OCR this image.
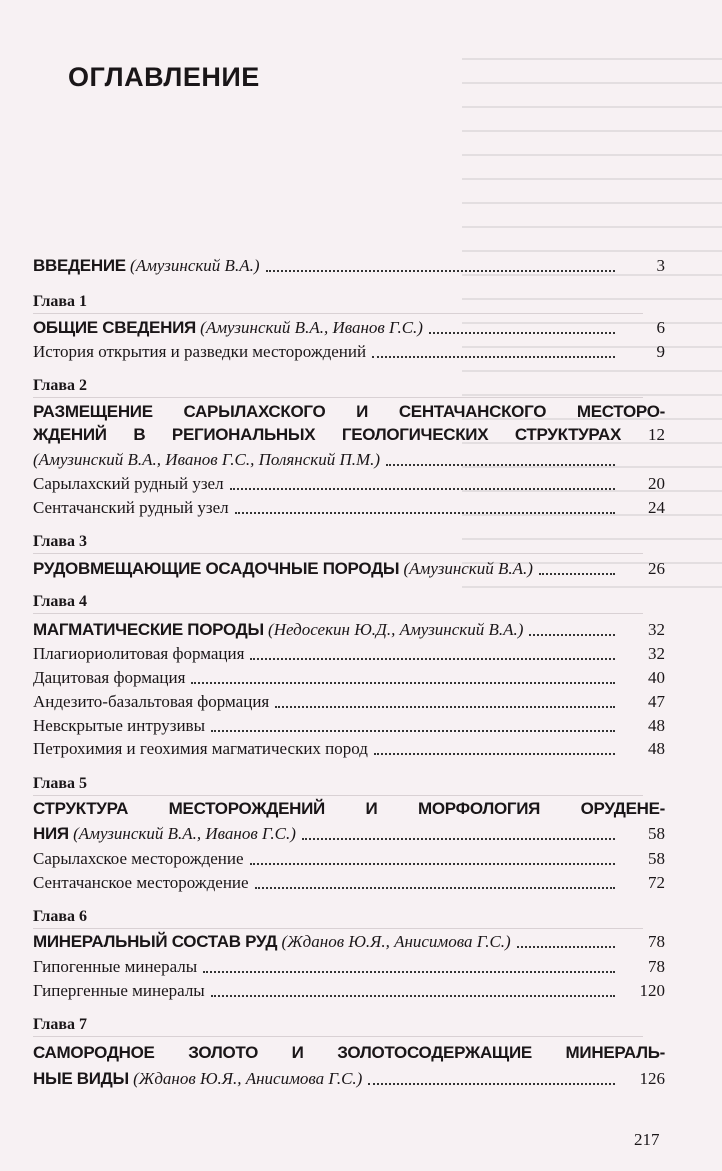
ОГЛАВЛЕНИЕ
ВВЕДЕНИЕ (Амузинский В.А.)	3
Глава 1
ОБЩИЕ СВЕДЕНИЯ (Амузинский В.А., Иванов Г.С.)	6
История открытия и разведки месторождений	9
Глава 2
РАЗМЕЩЕНИЕ САРЫЛАХСКОГО И СЕНТАЧАНСКОГО МЕСТОРО-
ЖДЕНИЙ В РЕГИОНАЛЬНЫХ ГЕОЛОГИЧЕСКИХ СТРУКТУРАХ	12
(Амузинский В.А., Иванов Г.С., Полянский П.М.)
Сарылахский рудный узел	20
Сентачанский рудный узел	24
Глава 3
РУДОВМЕЩАЮЩИЕ ОСАДОЧНЫЕ ПОРОДЫ (Амузинский В.А.)	26
Глава 4
МАГМАТИЧЕСКИЕ ПОРОДЫ (Недосекин Ю.Д., Амузинский В.А.)	32
Плагиориолитовая формация	32
Дацитовая формация	40
Андезито-базальтовая формация	47
Невскрытые интрузивы	48
Петрохимия и геохимия магматических пород	48
Глава 5
СТРУКТУРА МЕСТОРОЖДЕНИЙ И МОРФОЛОГИЯ ОРУДЕНЕ-
НИЯ (Амузинский В.А., Иванов Г.С.)	58
Сарылахское месторождение	58
Сентачанское месторождение	72
Глава 6
МИНЕРАЛЬНЫЙ СОСТАВ РУД (Жданов Ю.Я., Анисимова Г.С.)	78
Гипогенные минералы	78
Гипергенные минералы	120
Глава 7
САМОРОДНОЕ ЗОЛОТО И ЗОЛОТОСОДЕРЖАЩИЕ МИНЕРАЛЬ-
НЫЕ ВИДЫ (Жданов Ю.Я., Анисимова Г.С.)	126
217
